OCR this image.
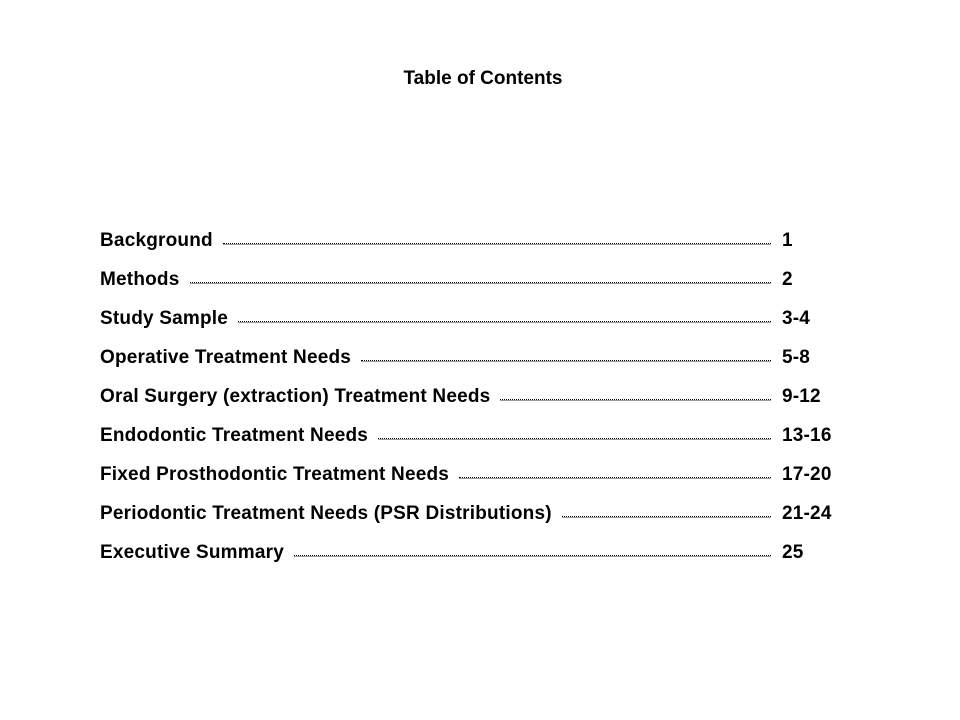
Table of Contents
Background	1
Methods	2
Study Sample	3-4
Operative Treatment Needs	5-8
Oral Surgery (extraction) Treatment Needs	9-12
Endodontic Treatment Needs	13-16
Fixed Prosthodontic Treatment Needs	17-20
Periodontic Treatment Needs (PSR Distributions)	21-24
Executive Summary	25
